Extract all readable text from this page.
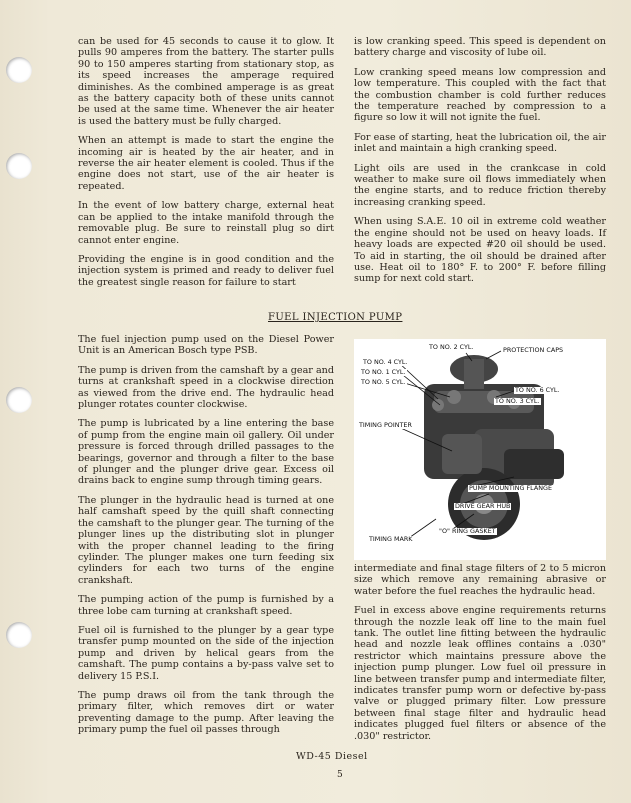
can be used for 45 seconds to cause it to glow. It pulls 90 amperes from the battery. The starter pulls 90 to 150 amperes starting from stationary stop, as its speed increases the amperage required diminishes. As the combined amperage is as great as the battery capacity both of these units cannot be used at the same time. Whenever the air heater is used the battery must be fully charged.

When an attempt is made to start the engine the incoming air is heated by the air heater, and in reverse the air heater element is cooled. Thus if the engine does not start, use of the air heater is repeated.

In the event of low battery charge, external heat can be applied to the intake manifold through the removable plug. Be sure to reinstall plug so dirt cannot enter engine.

Providing the engine is in good condition and the injection system is primed and ready to deliver fuel the greatest single reason for failure to start

is low cranking speed. This speed is dependent on battery charge and viscosity of lube oil.

Low cranking speed means low compression and low temperature. This coupled with the fact that the combustion chamber is cold further reduces the temperature reached by compression to a figure so low it will not ignite the fuel.

For ease of starting, heat the lubrication oil, the air inlet and maintain a high cranking speed.

Light oils are used in the crankcase in cold weather to make sure oil flows immediately when the engine starts, and to reduce friction thereby increasing cranking speed.

When using S.A.E. 10 oil in extreme cold weather the engine should not be used on heavy loads. If heavy loads are expected #20 oil should be used. To aid in starting, the oil should be drained after use. Heat oil to 180° F. to 200° F. before filling sump for next cold start.

FUEL INJECTION PUMP

The fuel injection pump used on the Diesel Power Unit is an American Bosch type PSB.

The pump is driven from the camshaft by a gear and turns at crankshaft speed in a clockwise direction as viewed from the drive end. The hydraulic head plunger rotates counter clockwise.

The pump is lubricated by a line entering the base of pump from the engine main oil gallery. Oil under pressure is forced through drilled passages to the bearings, governor and through a filter to the base of plunger and the plunger drive gear. Excess oil drains back to engine sump through timing gears.

The plunger in the hydraulic head is turned at one half camshaft speed by the quill shaft connecting the camshaft to the plunger gear. The turning of the plunger lines up the distributing slot in plunger with the proper channel leading to the firing cylinder. The plunger makes one turn feeding six cylinders for each two turns of the engine crankshaft.

The pumping action of the pump is furnished by a three lobe cam turning at crankshaft speed.

Fuel oil is furnished to the plunger by a gear type transfer pump mounted on the side of the injection pump and driven by helical gears from the camshaft. The pump contains a by-pass valve set to delivery 15 P.S.I.

The pump draws oil from the tank through the primary filter, which removes dirt or water preventing damage to the pump. After leaving the primary pump the fuel oil passes through

TO NO. 2 CYL.	PROTECTION CAPS
TO NO. 4 CYL.
TO NO. 1 CYL.
TO NO. 5 CYL.
TO NO. 6 CYL.
TO NO. 3 CYL.
TIMING POINTER
PUMP MOUNTING FLANGE
DRIVE GEAR HUB
"O" RING GASKET
TIMING MARK

intermediate and final stage filters of 2 to 5 micron size which remove any remaining abrasive or water before the fuel reaches the hydraulic head.

Fuel in excess above engine requirements returns through the nozzle leak off line to the main fuel tank. The outlet line fitting between the hydraulic head and nozzle leak offlines contains a .030" restrictor which maintains pressure above the injection pump plunger. Low fuel oil pressure in line between transfer pump and intermediate filter, indicates transfer pump worn or defective by-pass valve or plugged primary filter. Low pressure between final stage filter and hydraulic head indicates plugged fuel filters or absence of the .030" restrictor.

WD-45 Diesel
5
